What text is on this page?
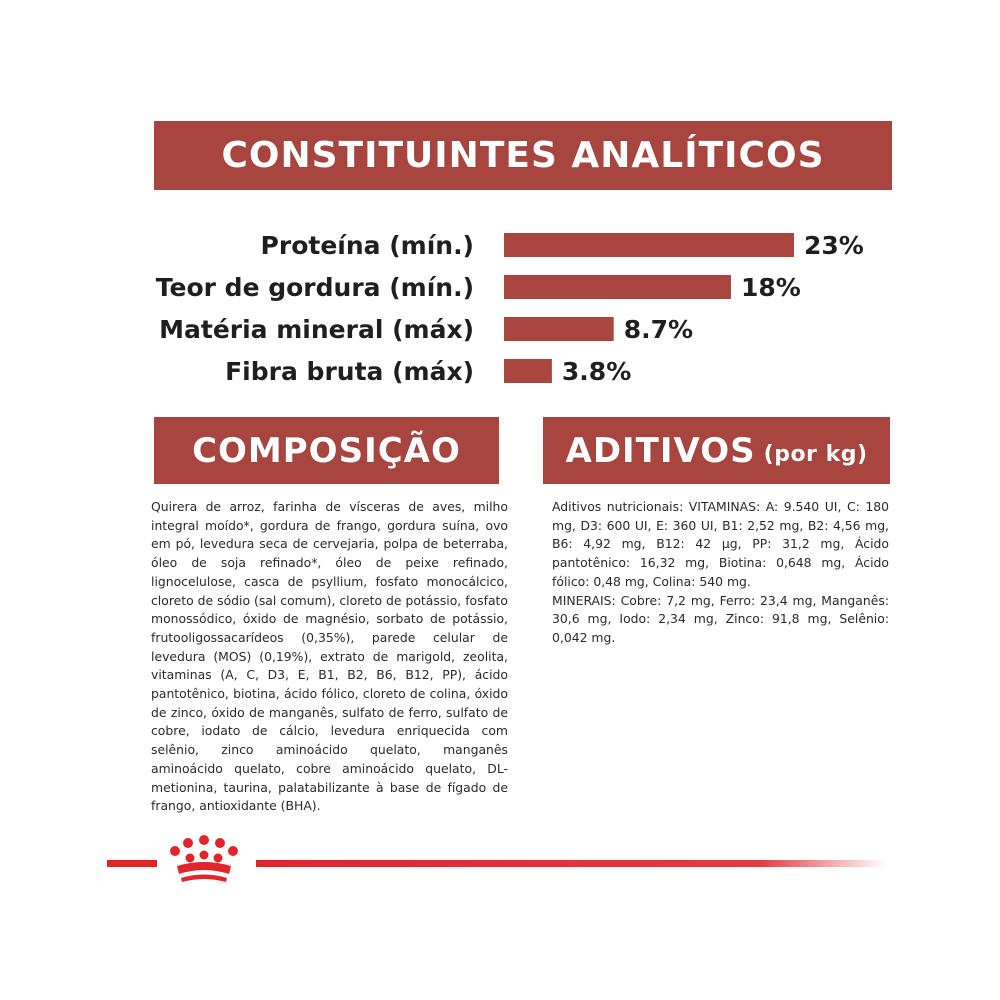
CONSTITUINTES ANALÍTICOS
Proteína (mín.)	23%
Teor de gordura (mín.)	18%
Matéria mineral (máx)	8.7%
Fibra bruta (máx)	3.8%
COMPOSIÇÃO	ADITIVOS (por kg)
Quirera de arroz, farinha de vísceras de aves, milho integral moído*, gordura de frango, gordura suína, ovo em pó, levedura seca de cervejaria, polpa de beterraba, óleo de soja refinado*, óleo de peixe refinado, lignocelulose, casca de psyllium, fosfato monocálcico, cloreto de sódio (sal comum), cloreto de potássio, fosfato monossódico, óxido de magnésio, sorbato de potássio, frutooligossacarídeos (0,35%), parede celular de levedura (MOS) (0,19%), extrato de marigold, zeolita, vitaminas (A, C, D3, E, B1, B2, B6, B12, PP), ácido pantotênico, biotina, ácido fólico, cloreto de colina, óxido de zinco, óxido de manganês, sulfato de ferro, sulfato de cobre, iodato de cálcio, levedura enriquecida com selênio, zinco aminoácido quelato, manganês aminoácido quelato, cobre aminoácido quelato, DL-metionina, taurina, palatabilizante à base de fígado de frango, antioxidante (BHA).

Aditivos nutricionais: VITAMINAS: A: 9.540 UI, C: 180 mg, D3: 600 UI, E: 360 UI, B1: 2,52 mg, B2: 4,56 mg, B6: 4,92 mg, B12: 42 µg, PP: 31,2 mg, Ácido pantotênico: 16,32 mg, Biotina: 0,648 mg, Ácido fólico: 0,48 mg, Colina: 540 mg.

MINERAIS: Cobre: 7,2 mg, Ferro: 23,4 mg, Manganês: 30,6 mg, Iodo: 2,34 mg, Zinco: 91,8 mg, Selênio: 0,042 mg.
